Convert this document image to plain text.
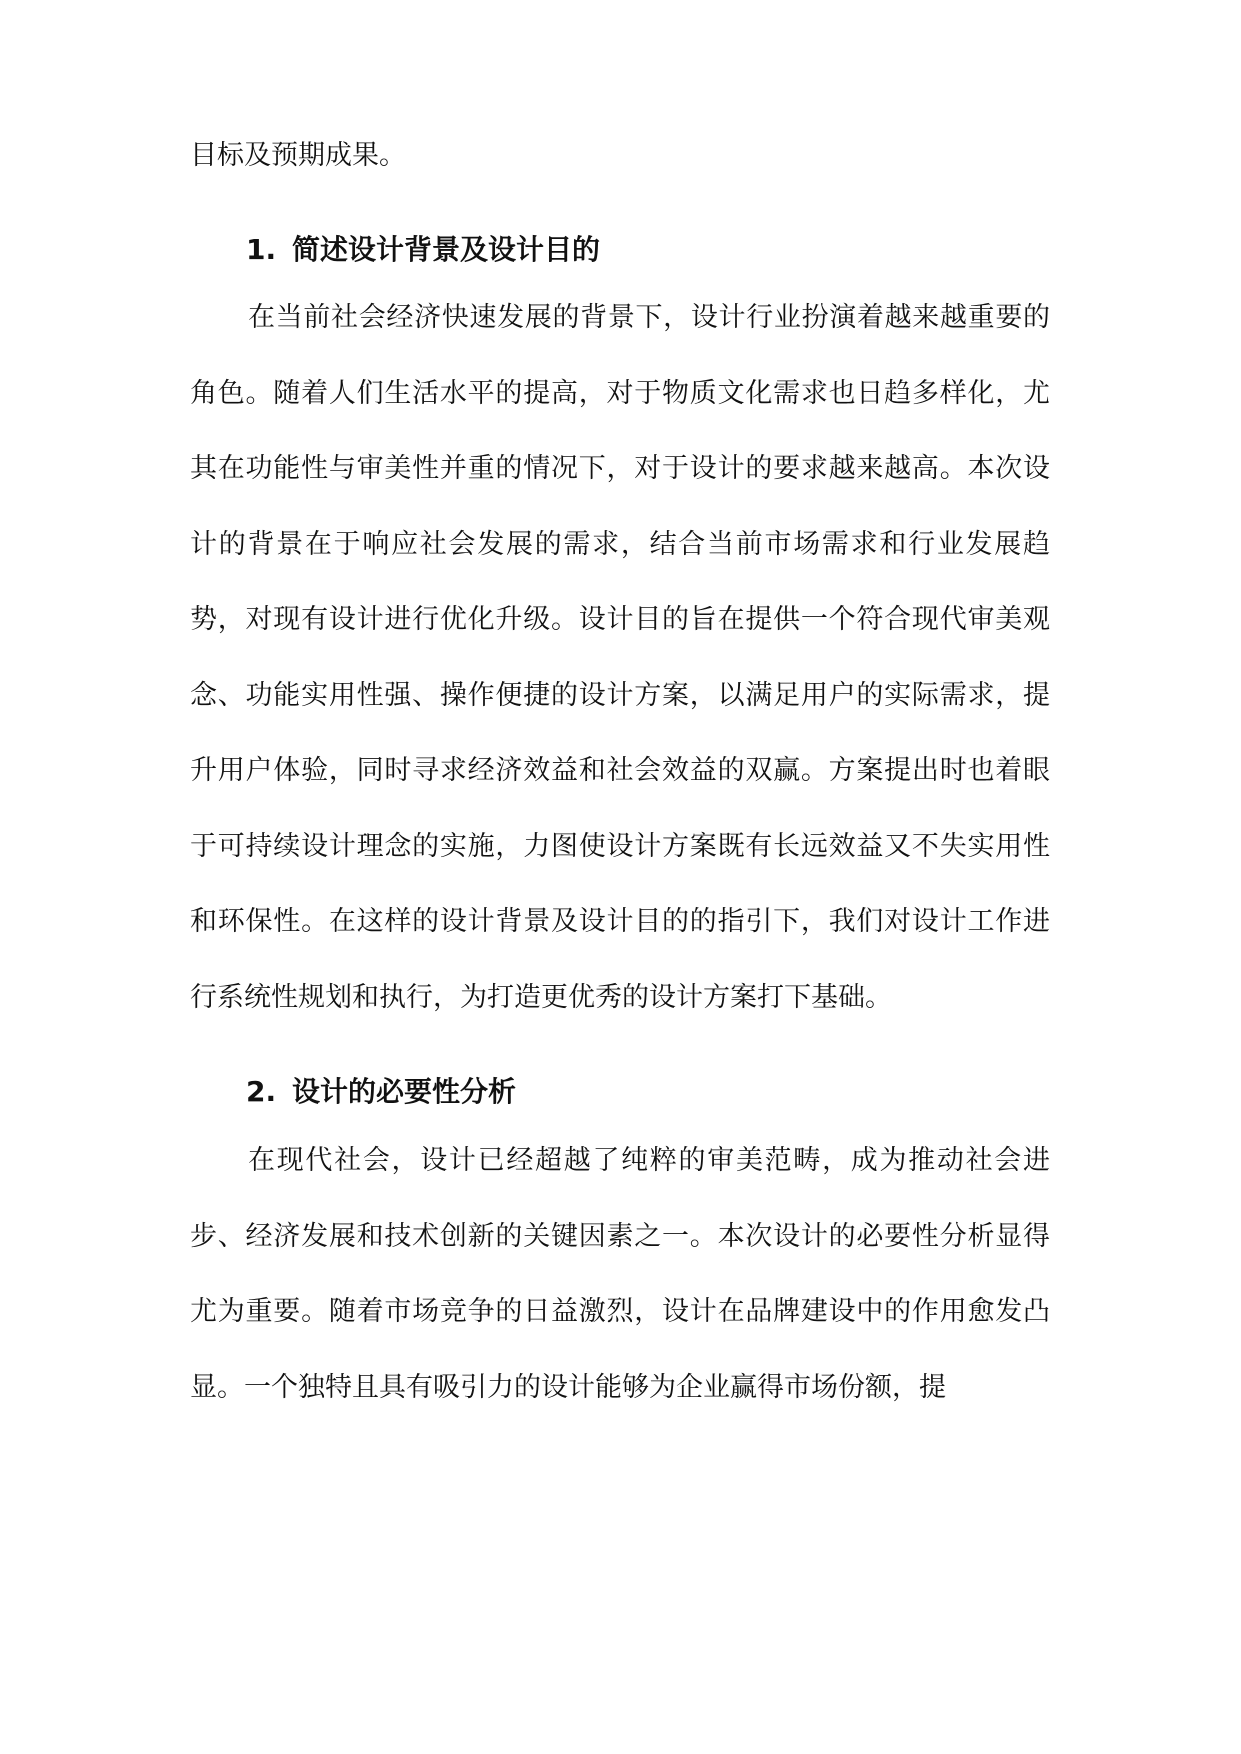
目标及预期成果。

1. 简述设计背景及设计目的

在当前社会经济快速发展的背景下，设计行业扮演着越来越重要的角色。随着人们生活水平的提高，对于物质文化需求也日趋多样化，尤其在功能性与审美性并重的情况下，对于设计的要求越来越高。本次设计的背景在于响应社会发展的需求，结合当前市场需求和行业发展趋势，对现有设计进行优化升级。设计目的旨在提供一个符合现代审美观念、功能实用性强、操作便捷的设计方案，以满足用户的实际需求，提升用户体验，同时寻求经济效益和社会效益的双赢。方案提出时也着眼于可持续设计理念的实施，力图使设计方案既有长远效益又不失实用性和环保性。在这样的设计背景及设计目的的指引下，我们对设计工作进行系统性规划和执行，为打造更优秀的设计方案打下基础。

2. 设计的必要性分析

在现代社会，设计已经超越了纯粹的审美范畴，成为推动社会进步、经济发展和技术创新的关键因素之一。本次设计的必要性分析显得尤为重要。随着市场竞争的日益激烈，设计在品牌建设中的作用愈发凸显。一个独特且具有吸引力的设计能够为企业赢得市场份额，提
